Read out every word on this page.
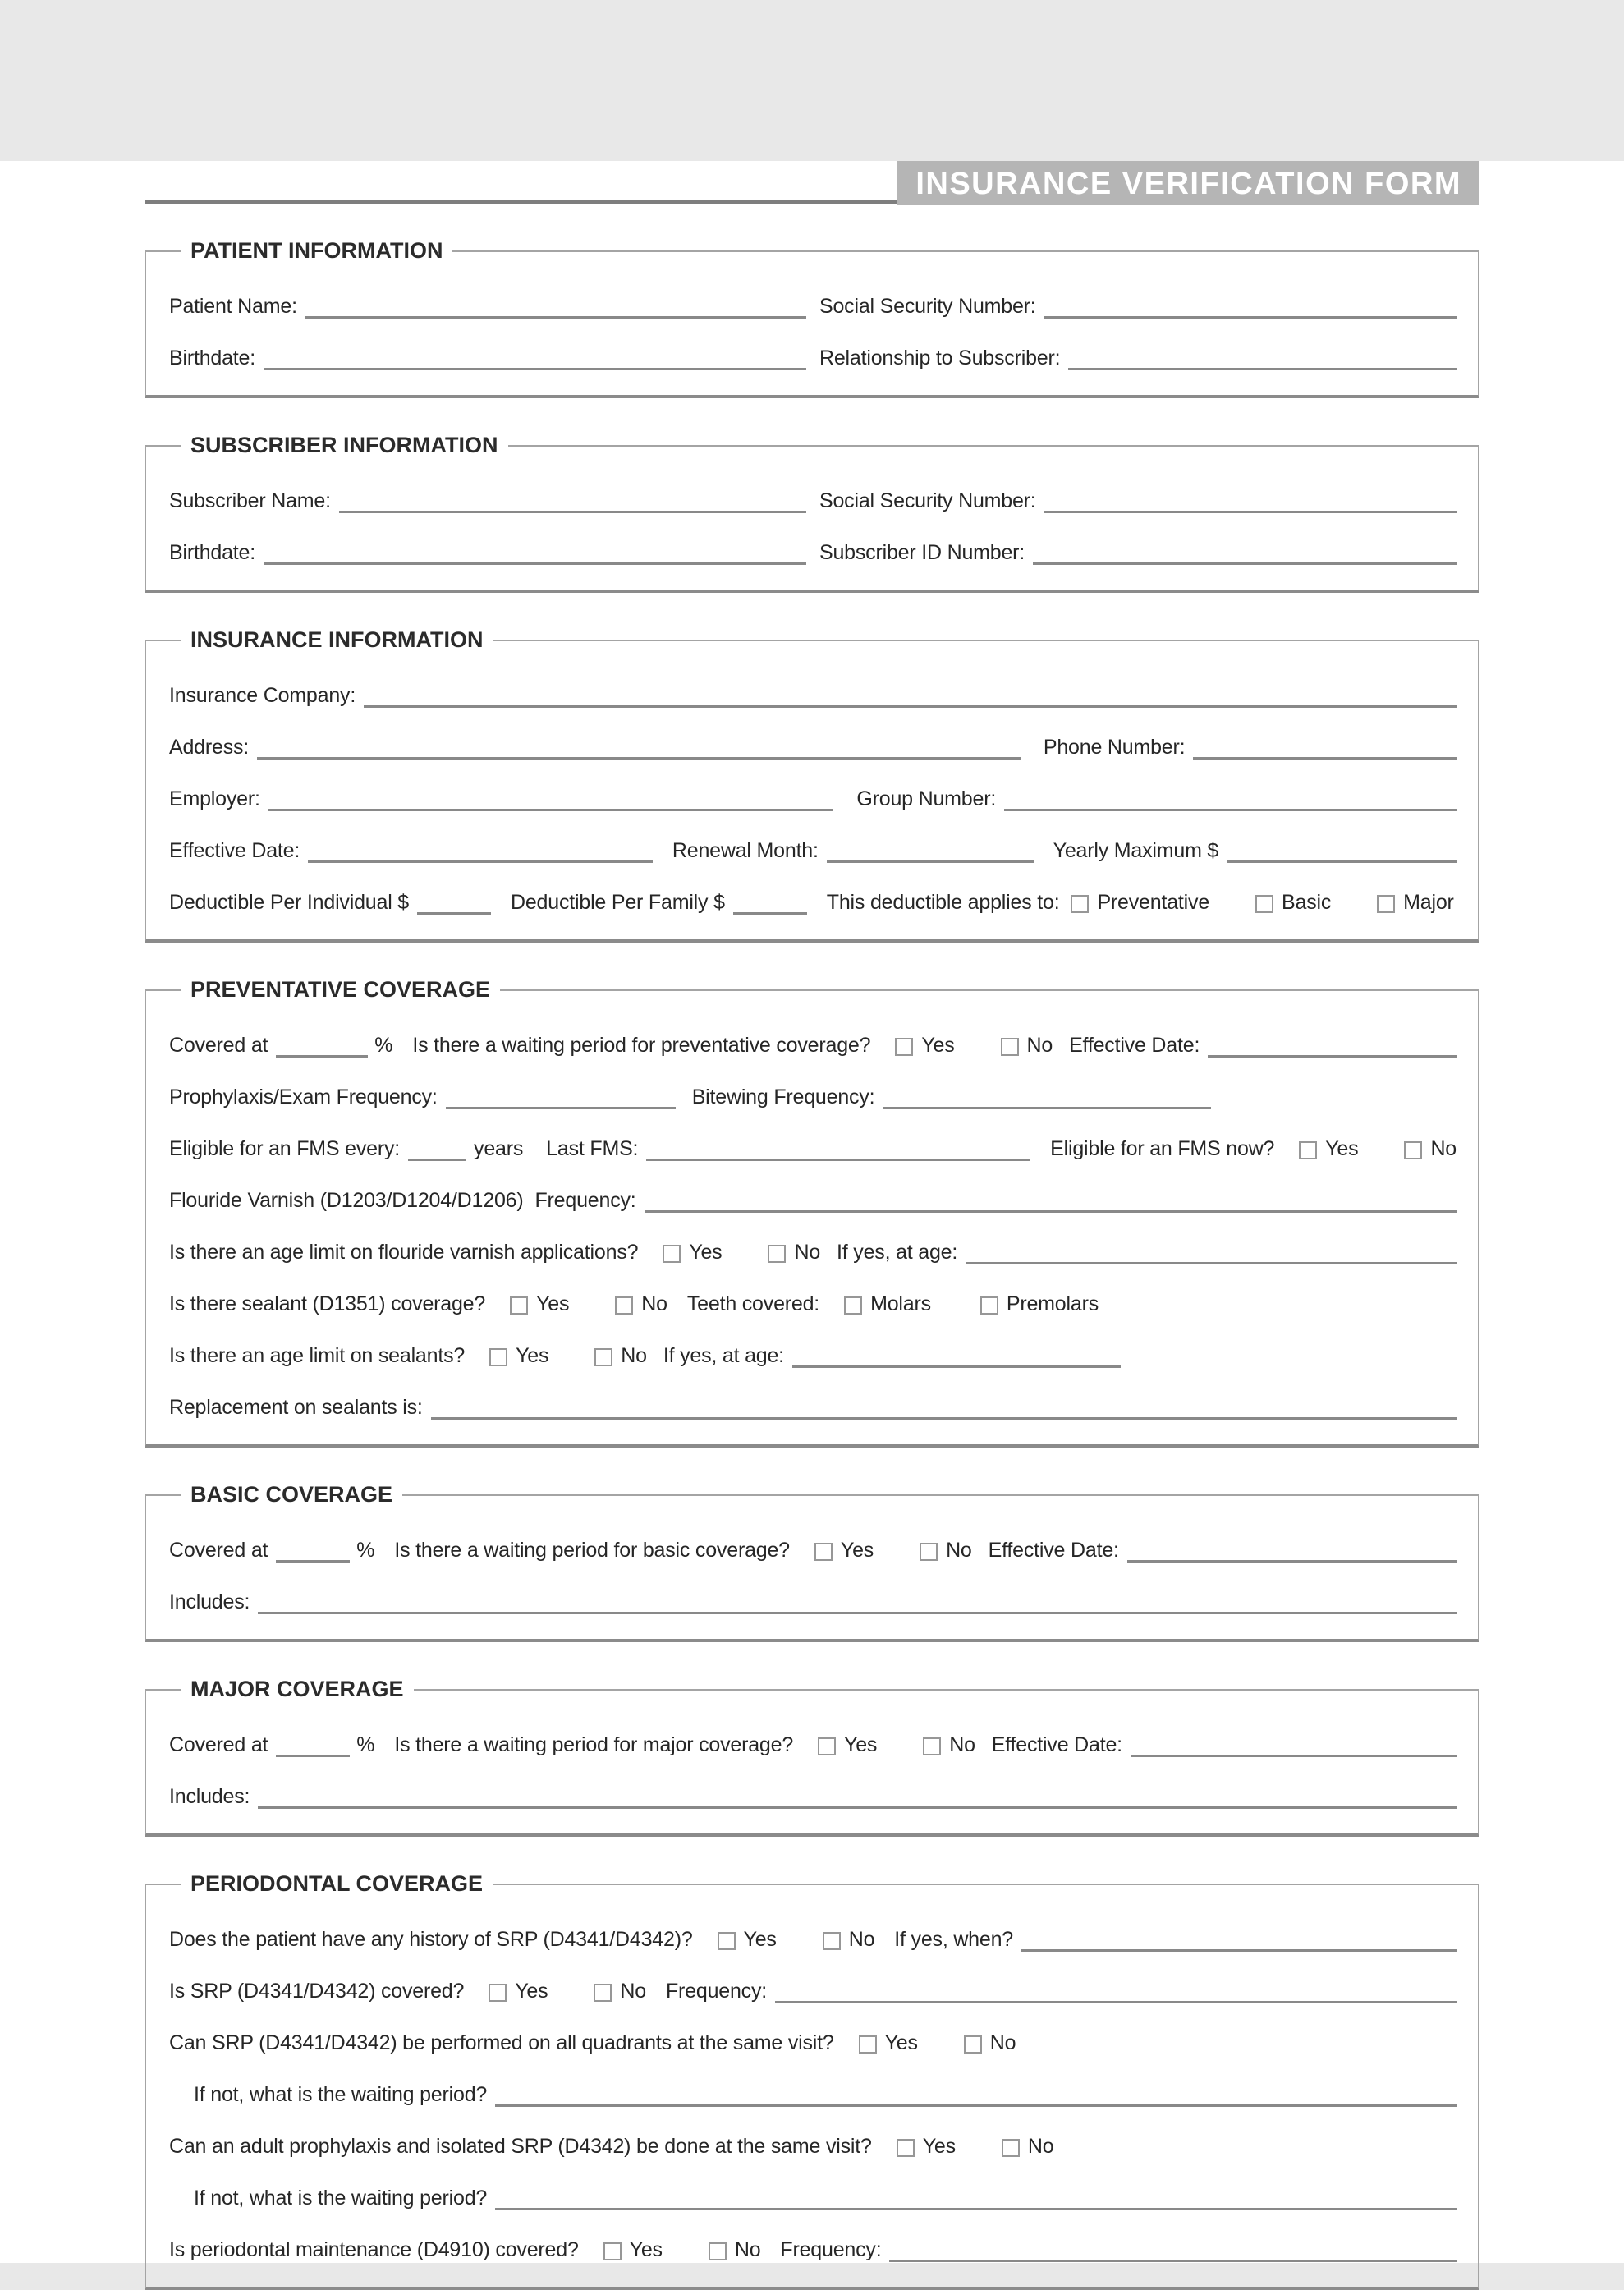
INSURANCE VERIFICATION FORM
PATIENT INFORMATION
Patient Name:	Social Security Number:
Birthdate:	Relationship to Subscriber:
SUBSCRIBER INFORMATION
Subscriber Name:	Social Security Number:
Birthdate:	Subscriber ID Number:
INSURANCE INFORMATION
Insurance Company:
Address:	Phone Number:
Employer:	Group Number:
Effective Date:	Renewal Month:	Yearly Maximum $
Deductible Per Individual $	Deductible Per Family $	This deductible applies to: Preventative	Basic	Major
PREVENTATIVE COVERAGE
Covered at	% Is there a waiting period for preventative coverage? Yes	No Effective Date:
Prophylaxis/Exam Frequency:	Bitewing Frequency:
Eligible for an FMS every:	years Last FMS:	Eligible for an FMS now? Yes	No
Flouride Varnish (D1203/D1204/D1206) Frequency:
Is there an age limit on flouride varnish applications? Yes	No If yes, at age:
Is there sealant (D1351) coverage? Yes	No Teeth covered: Molars	Premolars
Is there an age limit on sealants? Yes	No If yes, at age:
Replacement on sealants is:
BASIC COVERAGE
Covered at	% Is there a waiting period for basic coverage? Yes	No Effective Date:
Includes:
MAJOR COVERAGE
Covered at	% Is there a waiting period for major coverage? Yes	No Effective Date:
Includes:
PERIODONTAL COVERAGE
Does the patient have any history of SRP (D4341/D4342)? Yes	No If yes, when?
Is SRP (D4341/D4342) covered? Yes	No Frequency:
Can SRP (D4341/D4342) be performed on all quadrants at the same visit? Yes	No
If not, what is the waiting period?
Can an adult prophylaxis and isolated SRP (D4342) be done at the same visit? Yes	No
If not, what is the waiting period?
Is periodontal maintenance (D4910) covered? Yes	No Frequency:
